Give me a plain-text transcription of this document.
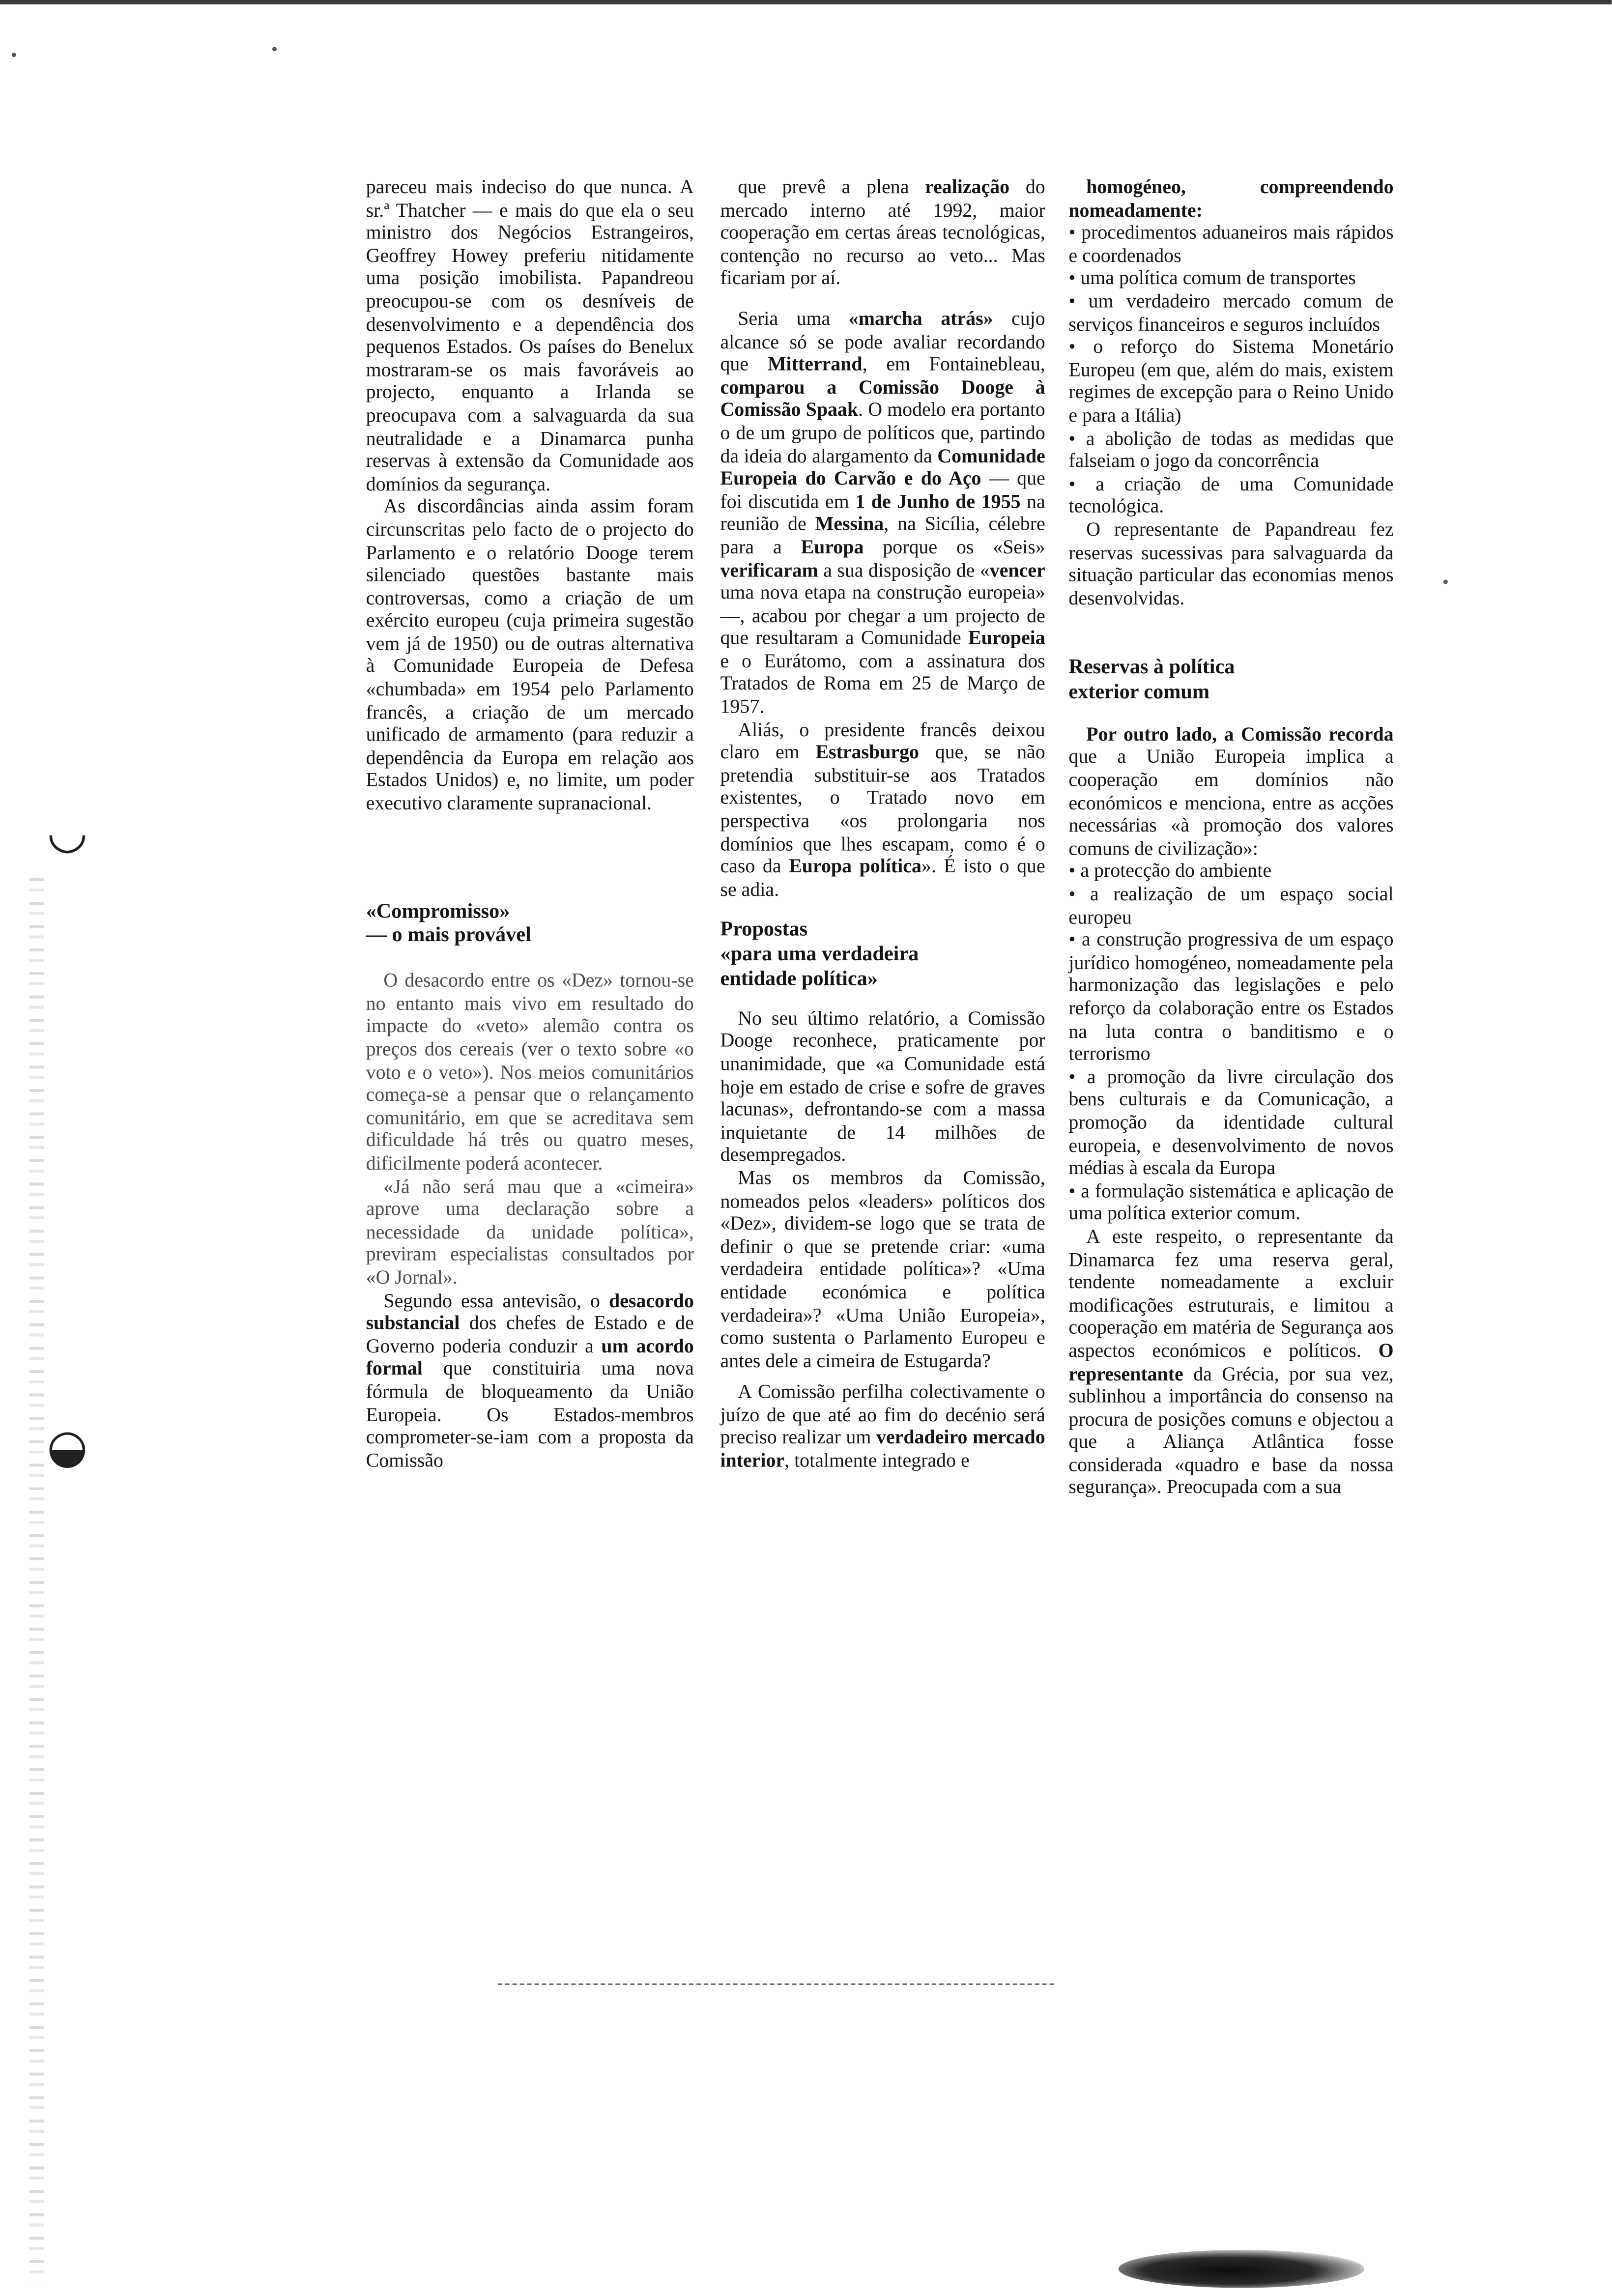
◡
◒

pareceu mais indeciso do que nunca. A sr.ª Thatcher — e mais do que ela o seu ministro dos Negócios Estrangeiros, Geoffrey Howey preferiu nitidamente uma posição imobilista. Papandreou preocupou-se com os desníveis de desenvolvimento e a dependência dos pequenos Estados. Os países do Benelux mostraram-se os mais favoráveis ao projecto, enquanto a Irlanda se preocupava com a salvaguarda da sua neutralidade e a Dinamarca punha reservas à extensão da Comunidade aos domínios da segurança.

As discordâncias ainda assim foram circunscritas pelo facto de o projecto do Parlamento e o relatório Dooge terem silenciado questões bastante mais controversas, como a criação de um exército europeu (cuja primeira sugestão vem já de 1950) ou de outras alternativa à Comunidade Europeia de Defesa «chumbada» em 1954 pelo Parlamento francês, a criação de um mercado unificado de armamento (para reduzir a dependência da Europa em relação aos Estados Unidos) e, no limite, um poder executivo claramente supranacional.

«Compromisso»
— o mais provável

O desacordo entre os «Dez» tornou-se no entanto mais vivo em resultado do impacte do «veto» alemão contra os preços dos cereais (ver o texto sobre «o voto e o veto»). Nos meios comunitários começa-se a pensar que o relançamento comunitário, em que se acreditava sem dificuldade há três ou quatro meses, dificilmente poderá acontecer.

«Já não será mau que a «cimeira» aprove uma declaração sobre a necessidade da unidade política», previram especialistas consultados por «O Jornal».

Segundo essa antevisão, o desacordo substancial dos chefes de Estado e de Governo poderia conduzir a um acordo formal que constituiria uma nova fórmula de bloqueamento da União Europeia. Os Estados-membros comprometer-se-iam com a proposta da Comissão

que prevê a plena realização do mercado interno até 1992, maior cooperação em certas áreas tecnológicas, contenção no recurso ao veto... Mas ficariam por aí.

Seria uma «marcha atrás» cujo alcance só se pode avaliar recordando que Mitterrand, em Fontainebleau, comparou a Comissão Dooge à Comissão Spaak. O modelo era portanto o de um grupo de políticos que, partindo da ideia do alargamento da Comunidade Europeia do Carvão e do Aço — que foi discutida em 1 de Junho de 1955 na reunião de Messina, na Sicília, célebre para a Europa porque os «Seis» verificaram a sua disposição de «vencer uma nova etapa na construção europeia» —, acabou por chegar a um projecto de que resultaram a Comunidade Europeia e o Eurátomo, com a assinatura dos Tratados de Roma em 25 de Março de 1957.

Aliás, o presidente francês deixou claro em Estrasburgo que, se não pretendia substituir-se aos Tratados existentes, o Tratado novo em perspectiva «os prolongaria nos domínios que lhes escapam, como é o caso da Europa política». É isto o que se adia.

Propostas
«para uma verdadeira
entidade política»

No seu último relatório, a Comissão Dooge reconhece, praticamente por unanimidade, que «a Comunidade está hoje em estado de crise e sofre de graves lacunas», defrontando-se com a massa inquietante de 14 milhões de desempregados.

Mas os membros da Comissão, nomeados pelos «leaders» políticos dos «Dez», dividem-se logo que se trata de definir o que se pretende criar: «uma verdadeira entidade política»? «Uma entidade económica e política verdadeira»? «Uma União Europeia», como sustenta o Parlamento Europeu e antes dele a cimeira de Estugarda?

A Comissão perfilha colectivamente o juízo de que até ao fim do decénio será preciso realizar um verdadeiro mercado interior, totalmente integrado e

homogéneo, compreendendo nomeadamente:

• procedimentos aduaneiros mais rápidos e coordenados

• uma política comum de transportes

• um verdadeiro mercado comum de serviços financeiros e seguros incluídos

• o reforço do Sistema Monetário Europeu (em que, além do mais, existem regimes de excepção para o Reino Unido e para a Itália)

• a abolição de todas as medidas que falseiam o jogo da concorrência

• a criação de uma Comunidade tecnológica.

O representante de Papandreau fez reservas sucessivas para salvaguarda da situação particular das economias menos desenvolvidas.

Reservas à política
exterior comum

Por outro lado, a Comissão recorda que a União Europeia implica a cooperação em domínios não económicos e menciona, entre as acções necessárias «à promoção dos valores comuns de civilização»:

• a protecção do ambiente

• a realização de um espaço social europeu

• a construção progressiva de um espaço jurídico homogéneo, nomeadamente pela harmonização das legislações e pelo reforço da colaboração entre os Estados na luta contra o banditismo e o terrorismo

• a promoção da livre circulação dos bens culturais e da Comunicação, a promoção da identidade cultural europeia, e desenvolvimento de novos médias à escala da Europa

• a formulação sistemática e aplicação de uma política exterior comum.

A este respeito, o representante da Dinamarca fez uma reserva geral, tendente nomeadamente a excluir modificações estruturais, e limitou a cooperação em matéria de Segurança aos aspectos económicos e políticos. O representante da Grécia, por sua vez, sublinhou a importância do consenso na procura de posições comuns e objectou a que a Aliança Atlântica fosse considerada «quadro e base da nossa segurança». Preocupada com a sua
